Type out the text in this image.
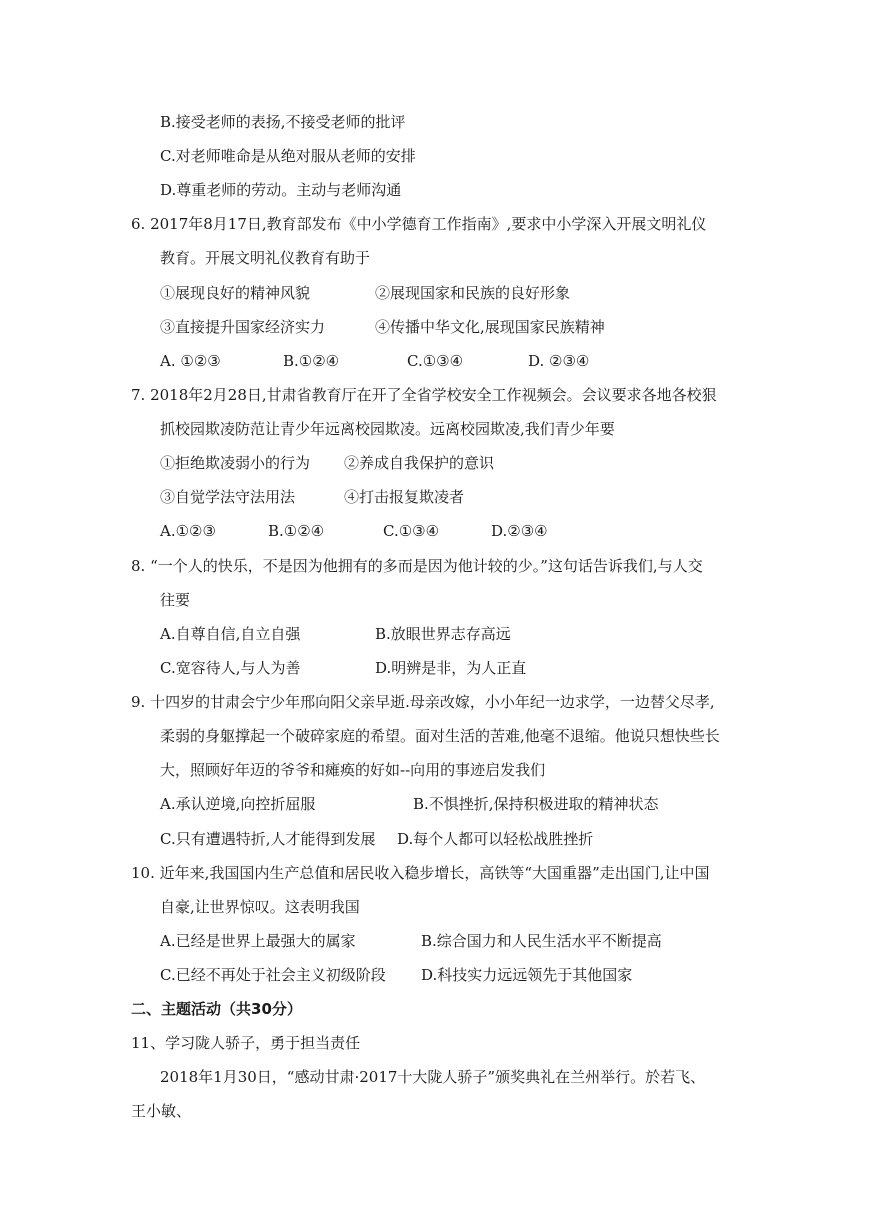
B.接受老师的表扬,不接受老师的批评
C.对老师唯命是从绝对服从老师的安排
D.尊重老师的劳动。主动与老师沟通
6. 2017年8月17日,教育部发布《中小学德育工作指南》,要求中小学深入开展文明礼仪
教育。开展文明礼仪教育有助于
①展现良好的精神风貌	②展现国家和民族的良好形象
③直接提升国家经济实力	④传播中华文化,展现国家民族精神
A. ①②③	B.①②④	C.①③④	D. ②③④
7. 2018年2月28日,甘肃省教育厅在开了全省学校安全工作视频会。会议要求各地各校狠
抓校园欺凌防范让青少年远离校园欺凌。远离校园欺凌,我们青少年要
①拒绝欺凌弱小的行为 ②养成自我保护的意识
③自觉学法守法用法	④打击报复欺凌者
A.①②③	B.①②④	C.①③④	D.②③④
8. “一个人的快乐，不是因为他拥有的多而是因为他计较的少。”这句话告诉我们,与人交
往要
A.自尊自信,自立自强	B.放眼世界志存高远
C.宽容待人,与人为善	D.明辨是非，为人正直
9. 十四岁的甘肃会宁少年邢向阳父亲早逝.母亲改嫁，小小年纪一边求学，一边替父尽孝,
柔弱的身躯撑起一个破碎家庭的希望。面对生活的苦难,他毫不退缩。他说只想快些长
大，照顾好年迈的爷爷和瘫痪的好如--向用的事迹启发我们
A.承认逆境,向控折屈服	B.不惧挫折,保持积极进取的精神状态
C.只有遭遇特折,人才能得到发展 D.每个人都可以轻松战胜挫折
10. 近年来,我国国内生产总值和居民收入稳步增长，高铁等“大国重器”走出国门,让中国
自豪,让世界惊叹。这表明我国
A.已经是世界上最强大的属家	B.综合国力和人民生活水平不断提高
C.已经不再处于社会主义初级阶段 D.科技实力远远领先于其他国家
二、主题活动（共30分）
11、学习陇人骄子，勇于担当责任
2018年1月30日，“感动甘肃·2017十大陇人骄子”颁奖典礼在兰州举行。於若飞、
王小敏、
